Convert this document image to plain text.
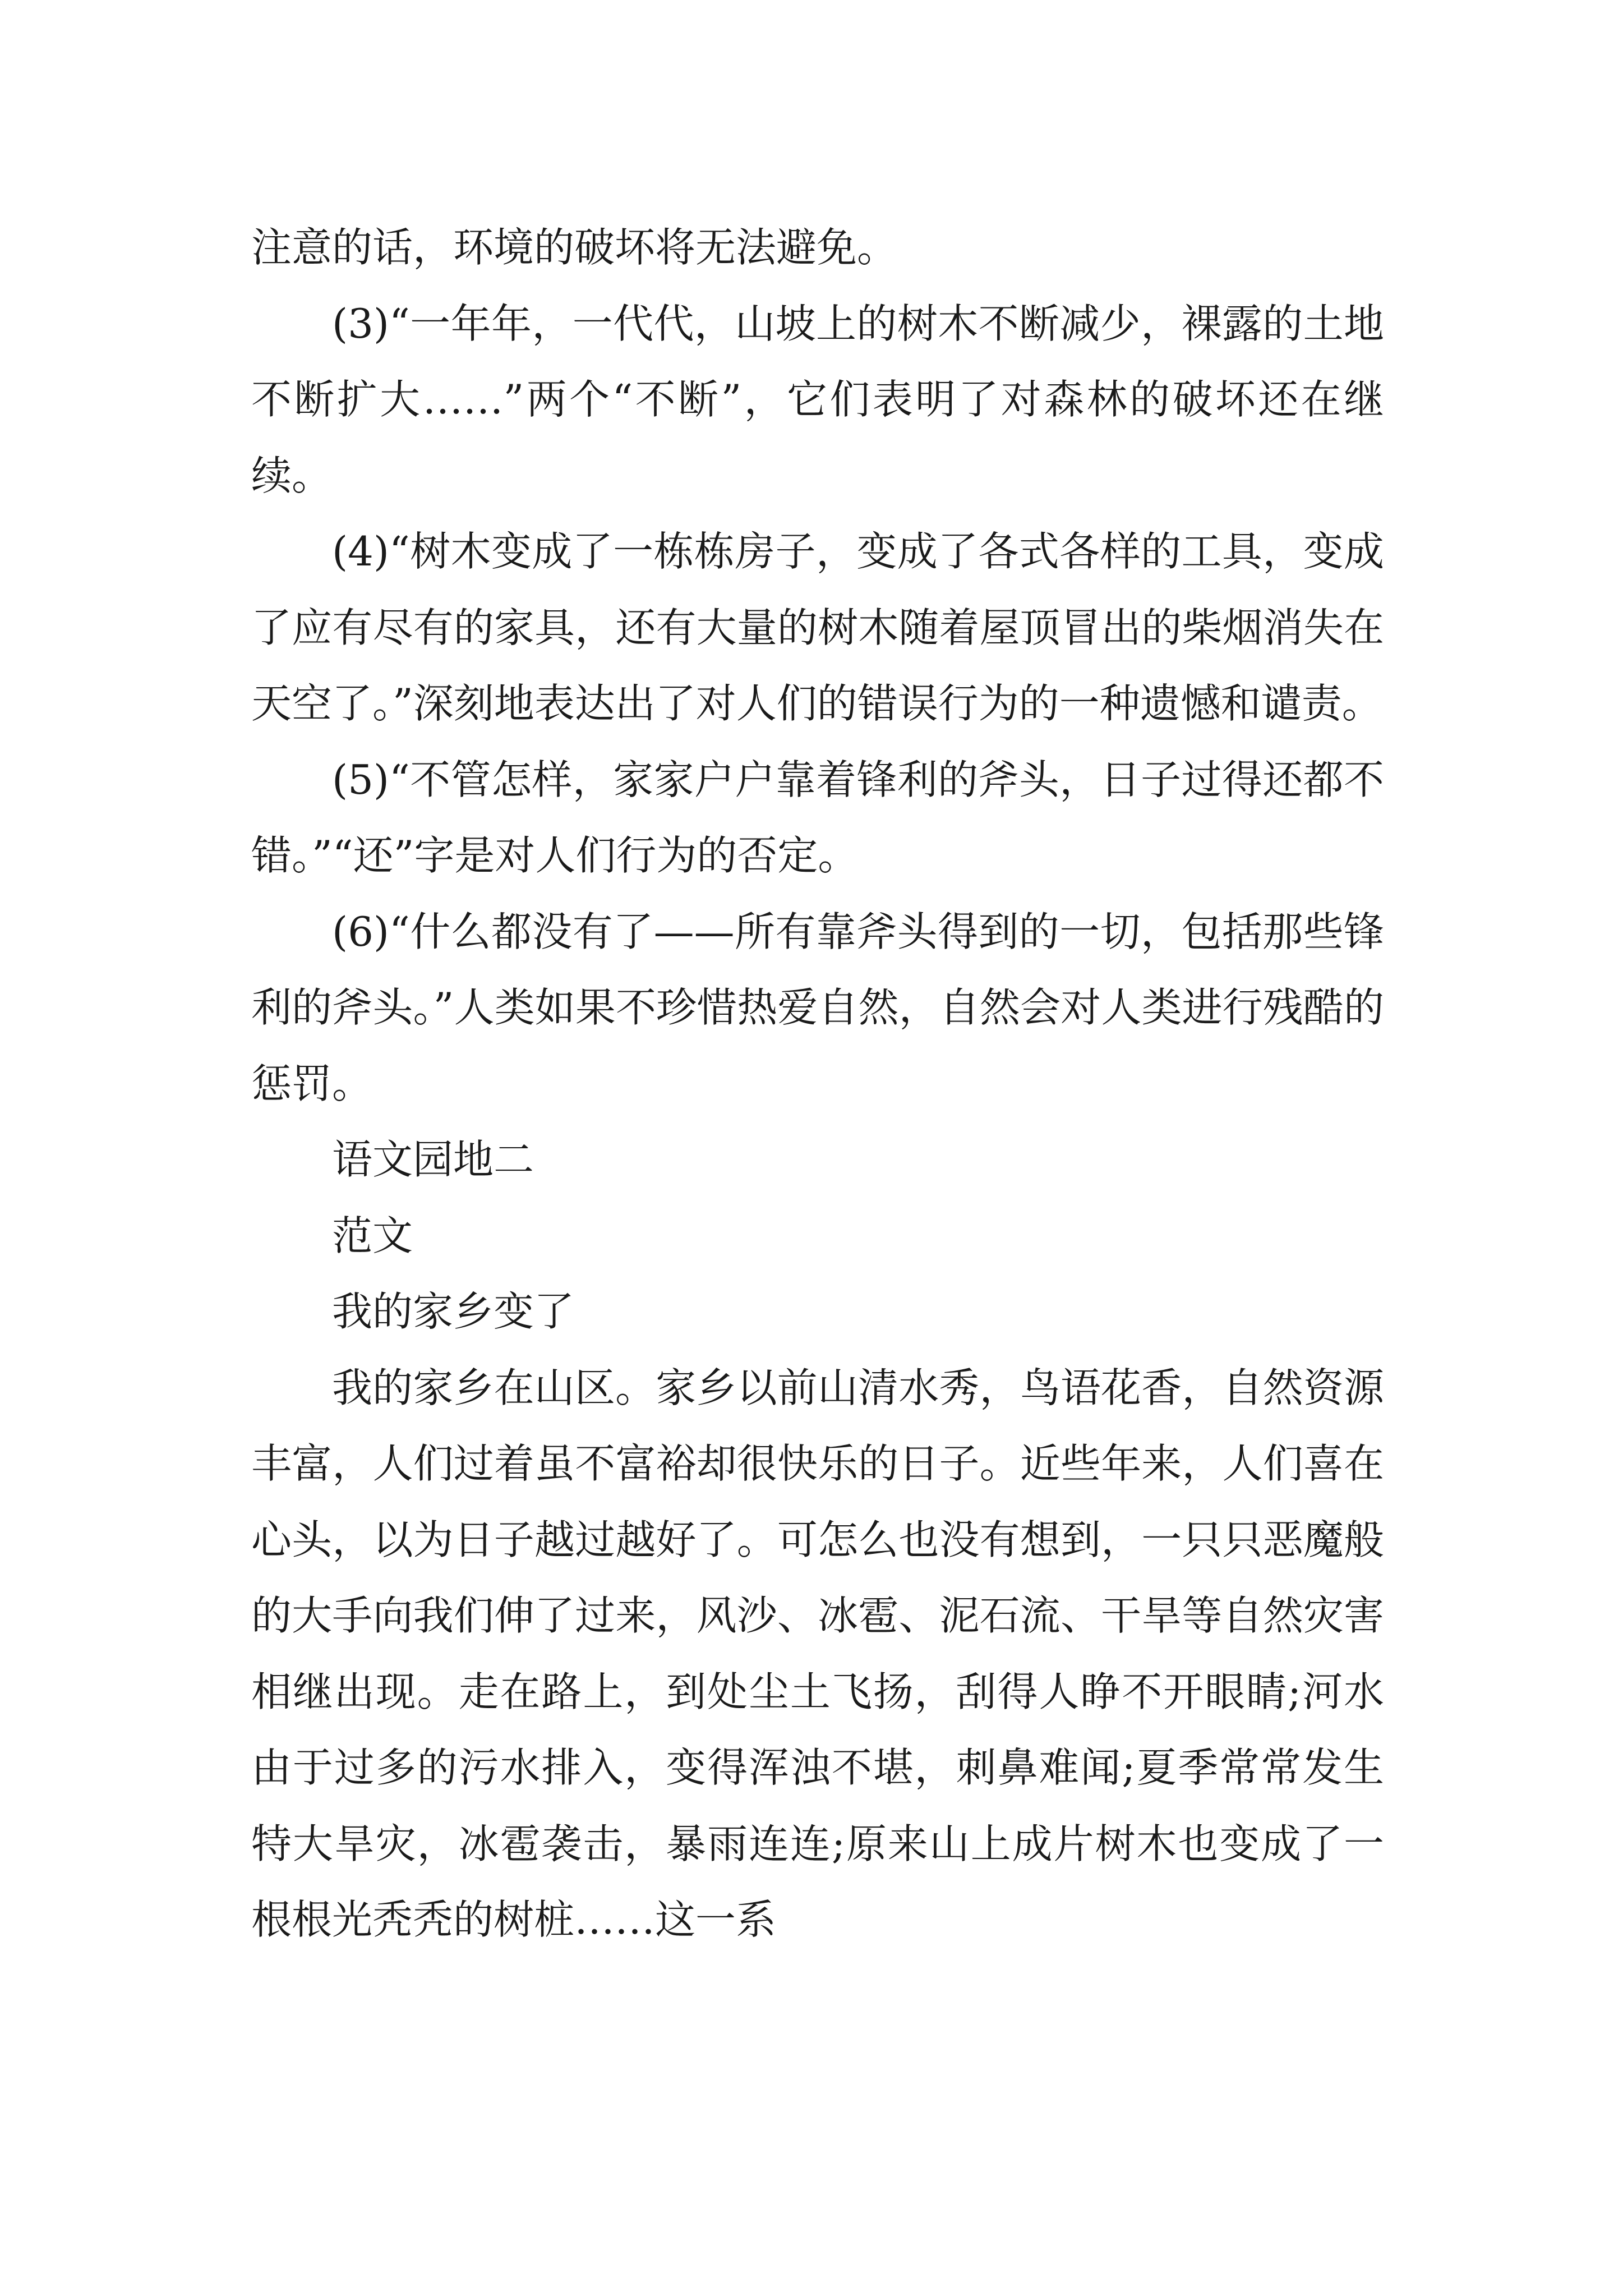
注意的话，环境的破坏将无法避免。

(3)“一年年，一代代，山坡上的树木不断减少，裸露的土地不断扩大……”两个“不断”，它们表明了对森林的破坏还在继续。

(4)“树木变成了一栋栋房子，变成了各式各样的工具，变成了应有尽有的家具，还有大量的树木随着屋顶冒出的柴烟消失在天空了。”深刻地表达出了对人们的错误行为的一种遗憾和谴责。

(5)“不管怎样，家家户户靠着锋利的斧头，日子过得还都不错。”“还”字是对人们行为的否定。

(6)“什么都没有了——所有靠斧头得到的一切，包括那些锋利的斧头。”人类如果不珍惜热爱自然，自然会对人类进行残酷的惩罚。

语文园地二

范文

我的家乡变了

我的家乡在山区。家乡以前山清水秀，鸟语花香，自然资源丰富，人们过着虽不富裕却很快乐的日子。近些年来，人们喜在心头，以为日子越过越好了。可怎么也没有想到，一只只恶魔般的大手向我们伸了过来，风沙、冰雹、泥石流、干旱等自然灾害相继出现。走在路上，到处尘土飞扬，刮得人睁不开眼睛;河水由于过多的污水排入，变得浑浊不堪，刺鼻难闻;夏季常常发生特大旱灾，冰雹袭击，暴雨连连;原来山上成片树木也变成了一根根光秃秃的树桩……这一系
